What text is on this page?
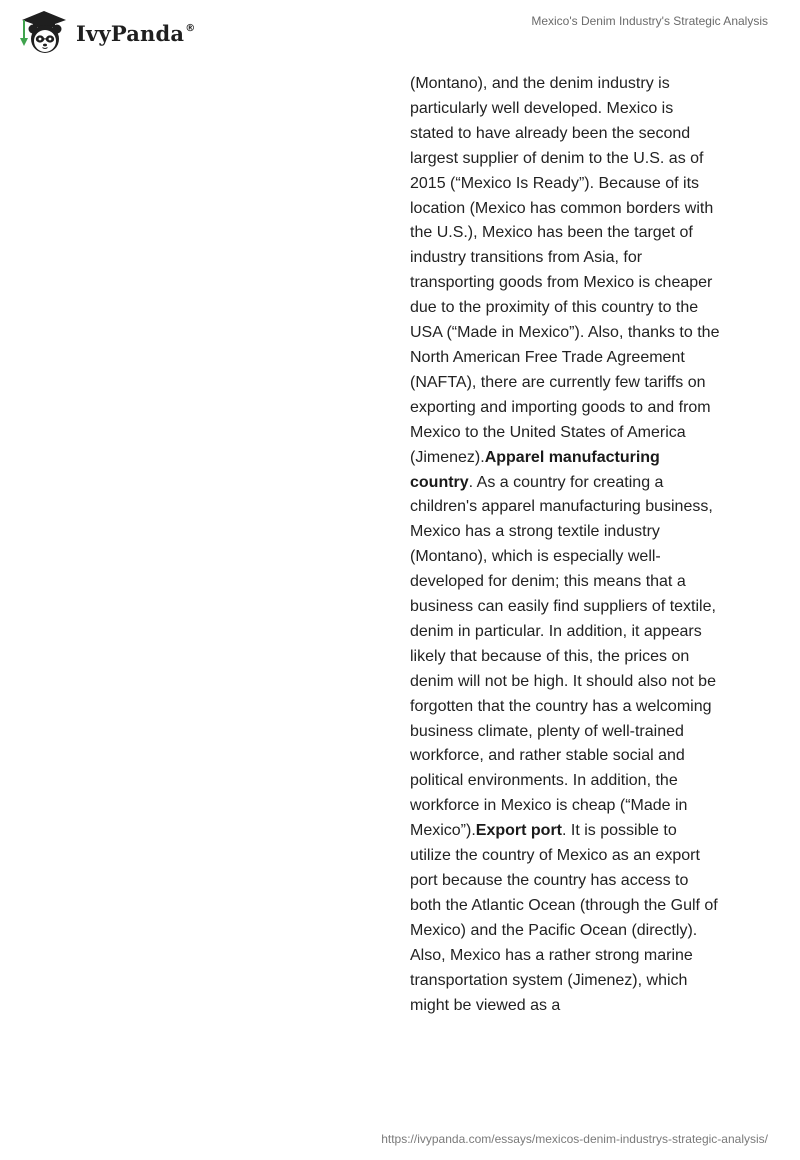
IvyPanda®	Mexico's Denim Industry's Strategic Analysis

(Montano), and the denim industry is particularly well developed. Mexico is stated to have already been the second largest supplier of denim to the U.S. as of 2015 (“Mexico Is Ready”). Because of its location (Mexico has common borders with the U.S.), Mexico has been the target of industry transitions from Asia, for transporting goods from Mexico is cheaper due to the proximity of this country to the USA (“Made in Mexico”). Also, thanks to the North American Free Trade Agreement (NAFTA), there are currently few tariffs on exporting and importing goods to and from Mexico to the United States of America (Jimenez).Apparel manufacturing country. As a country for creating a children's apparel manufacturing business, Mexico has a strong textile industry (Montano), which is especially well-developed for denim; this means that a business can easily find suppliers of textile, denim in particular. In addition, it appears likely that because of this, the prices on denim will not be high. It should also not be forgotten that the country has a welcoming business climate, plenty of well-trained workforce, and rather stable social and political environments. In addition, the workforce in Mexico is cheap (“Made in Mexico”).Export port. It is possible to utilize the country of Mexico as an export port because the country has access to both the Atlantic Ocean (through the Gulf of Mexico) and the Pacific Ocean (directly). Also, Mexico has a rather strong marine transportation system (Jimenez), which might be viewed as a

https://ivypanda.com/essays/mexicos-denim-industrys-strategic-analysis/
